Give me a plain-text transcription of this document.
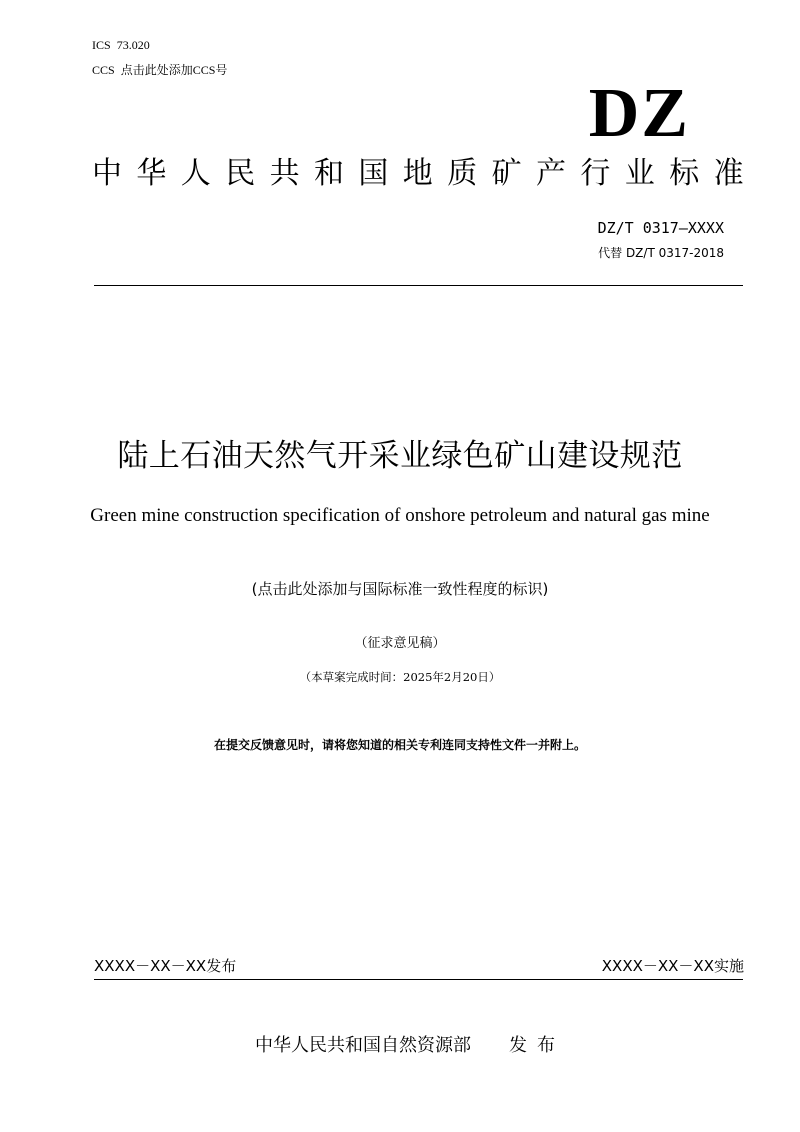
ICS 73.020
CCS 点击此处添加CCS号
DZ
中华人民共和国地质矿产行业标准
DZ/T 0317—XXXX
代替 DZ/T 0317-2018
陆上石油天然气开采业绿色矿山建设规范
Green mine construction specification of onshore petroleum and natural gas mine
(点击此处添加与国际标准一致性程度的标识)
（征求意见稿）
（本草案完成时间：2025年2月20日）
在提交反馈意见时，请将您知道的相关专利连同支持性文件一并附上。
XXXX－XX－XX发布	XXXX－XX－XX实施
中华人民共和国自然资源部 发布
